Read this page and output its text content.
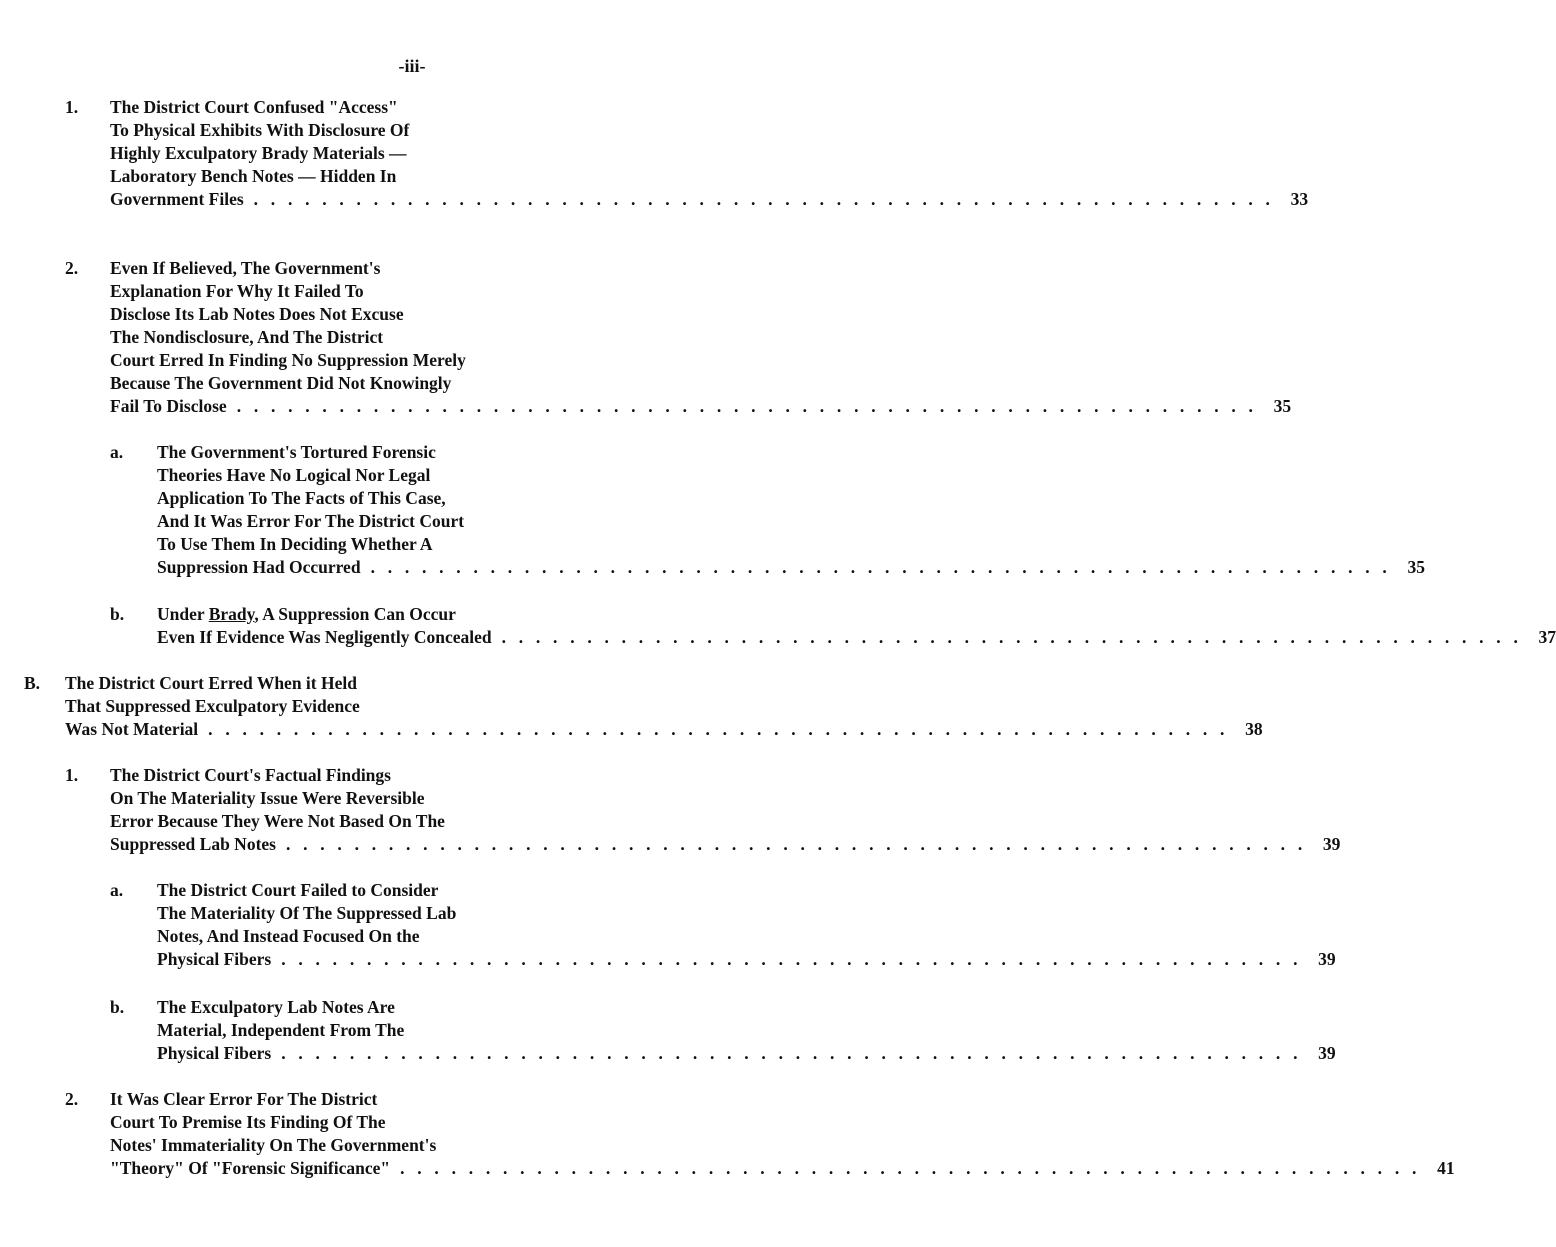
-iii-
1. The District Court Confused "Access"
To Physical Exhibits With Disclosure Of
Highly Exculpatory Brady Materials —
Laboratory Bench Notes — Hidden In
Government Files . . . . . . . . . . . . . . . . . . . . . . . . . . . . . . . . . . . . . . . . . . . . . . . . . . . . . . . . . . . . 33
2. Even If Believed, The Government's
Explanation For Why It Failed To
Disclose Its Lab Notes Does Not Excuse
The Nondisclosure, And The District
Court Erred In Finding No Suppression Merely
Because The Government Did Not Knowingly
Fail To Disclose . . . . . . . . . . . . . . . . . . . . . . . . . . . . . . . . . . . . . . . . . . . . . . . . . . . . . . . . . . . . 35
a. The Government's Tortured Forensic
Theories Have No Logical Nor Legal
Application To The Facts of This Case,
And It Was Error For The District Court
To Use Them In Deciding Whether A
Suppression Had Occurred . . . . . . . . . . . . . . . . . . . . . . . . . . . . . . . . . . . . . . . . . . . . . . . . . . . . . . . . . . . . 35
b. Under Brady, A Suppression Can Occur
Even If Evidence Was Negligently Concealed . . . . . . . . . . . . . . . . . . . . . . . . . . . . . . . . . . . . . . . . . . . . . . . . . . . . . . . . . . . . 37
B. The District Court Erred When it Held
That Suppressed Exculpatory Evidence
Was Not Material . . . . . . . . . . . . . . . . . . . . . . . . . . . . . . . . . . . . . . . . . . . . . . . . . . . . . . . . . . . . 38
1. The District Court's Factual Findings
On The Materiality Issue Were Reversible
Error Because They Were Not Based On The
Suppressed Lab Notes . . . . . . . . . . . . . . . . . . . . . . . . . . . . . . . . . . . . . . . . . . . . . . . . . . . . . . . . . . . . 39
a. The District Court Failed to Consider
The Materiality Of The Suppressed Lab
Notes, And Instead Focused On the
Physical Fibers . . . . . . . . . . . . . . . . . . . . . . . . . . . . . . . . . . . . . . . . . . . . . . . . . . . . . . . . . . . . 39
b. The Exculpatory Lab Notes Are
Material, Independent From The
Physical Fibers . . . . . . . . . . . . . . . . . . . . . . . . . . . . . . . . . . . . . . . . . . . . . . . . . . . . . . . . . . . . 39
2. It Was Clear Error For The District
Court To Premise Its Finding Of The
Notes' Immateriality On The Government's
"Theory" Of "Forensic Significance" . . . . . . . . . . . . . . . . . . . . . . . . . . . . . . . . . . . . . . . . . . . . . . . . . . . . . . . . . . . . 41
